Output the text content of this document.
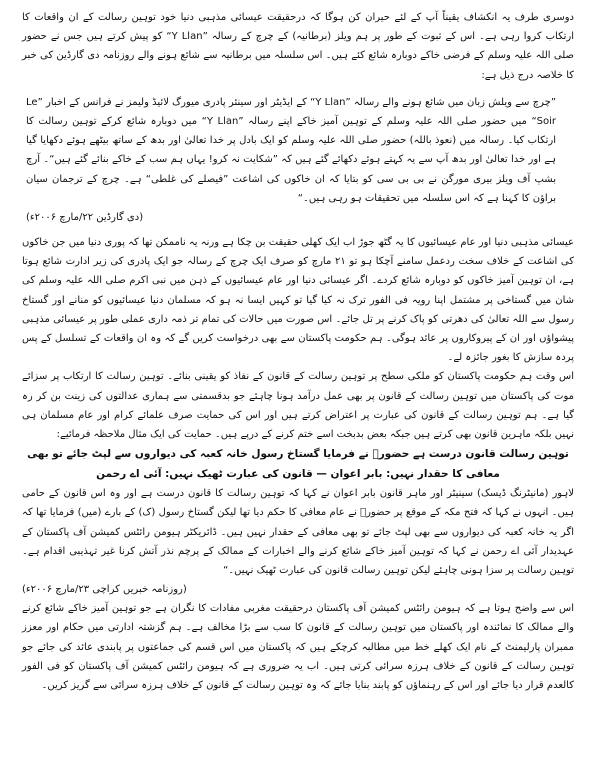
دوسری طرف یہ انکشاف یقیناً آپ کے لئے حیران کن ہوگا کہ درحقیقت عیسائی مذہبی دنیا خود توہین رسالت کے ان واقعات کا ارتکاب کروا رہی ہے۔ اس کے ثبوت کے طور پر ہم ویلز (برطانیہ) کے چرچ کے رسالہ ”Y Llan“ کو پیش کرتے ہیں جس نے حضور صلی اللہ علیہ وسلم کے فرضی خاکے دوبارہ شائع کئے ہیں۔ اس سلسلہ میں برطانیہ سے شائع ہونے والے روزنامہ دی گارڈین کی خبر کا خلاصہ درج ذیل ہے:

”چرچ سے ویلش زبان میں شائع ہونے والے رسالہ ”Y Llan“ کے ایڈیٹر اور سینئر پادری میورگ لائیڈ ولیمز نے فرانس کے اخبار ”Le Soir“ میں حضور صلی اللہ علیہ وسلم کے توہین آمیز خاکے اپنے رسالہ ”Y Llan“ میں دوبارہ شائع کرکے توہین رسالت کا ارتکاب کیا۔ رسالہ میں (نعوذ باللہ) حضور صلی اللہ علیہ وسلم کو ایک بادل پر خدا تعالیٰ اور بدھ کے ساتھ بیٹھے ہوئے دکھایا گیا ہے اور خدا تعالیٰ اور بدھ آپ سے یہ کہتے ہوئے دکھائے گئے ہیں کہ ”شکایت نہ کرو! یہاں ہم سب کے خاکے بنائے گئے ہیں“۔ آرچ بشپ آف ویلز بیری مورگن نے بی بی سی کو بتایا کہ ان خاکوں کی اشاعت ”فیصلے کی غلطی“ ہے۔ چرچ کے ترجمان سیان براؤن کا کہنا ہے کہ اس سلسلہ میں تحقیقات ہو رہی ہیں۔“

(دی گارڈین ۲۲/مارچ ۲۰۰۶ء)

عیسائی مذہبی دنیا اور عام عیسائیوں کا یہ گٹھ جوڑ اب ایک کھلی حقیقت بن چکا ہے ورنہ یہ ناممکن تھا کہ پوری دنیا میں جن خاکوں کی اشاعت کے خلاف سخت ردعمل سامنے آچکا ہو تو ۲۱ مارچ کو صرف ایک چرچ کے رسالہ جو ایک پادری کی زیر ادارت شائع ہوتا ہے، ان توہین آمیز خاکوں کو دوبارہ شائع کردے۔ اگر عیسائی دنیا اور عام عیسائیوں کے ذہن میں نبی اکرم صلی اللہ علیہ وسلم کی شان میں گستاخی پر مشتمل اپنا رویہ فی الفور ترک نہ کیا گیا تو کہیں ایسا نہ ہو کہ مسلمان دنیا عیسائیوں کو منانے اور گستاخ رسول سے اللہ تعالیٰ کی دھرتی کو پاک کرنے پر تل جائے۔ اس صورت میں حالات کی تمام تر ذمہ داری عملی طور پر عیسائی مذہبی پیشواؤں اور ان کے پیروکاروں پر عائد ہوگی۔ ہم حکومت پاکستان سے بھی درخواست کریں گے کہ وہ ان واقعات کے تسلسل کے پس پردہ سازش کا بغور جائزہ لے۔

اس وقت ہم حکومت پاکستان کو ملکی سطح پر توہین رسالت کے قانون کے نفاذ کو یقینی بنائے۔ توہین رسالت کا ارتکاب پر سزائے موت کی پاکستان میں توہین رسالت کے قانون پر بھی عمل درآمد ہونا چاہئے جو بدقسمتی سے ہماری عدالتوں کی زینت بن کر رہ گیا ہے۔ ہم توہین رسالت کے قانون کی عبارت پر اعتراض کرتے ہیں اور اس کی حمایت صرف علمائے کرام اور عام مسلمان ہی نہیں بلکہ ماہرین قانون بھی کرتے ہیں جبکہ بعض بدبخت اسے ختم کرنے کے درپے ہیں۔ حمایت کی ایک مثال ملاحظہ فرمائیے:

توہین رسالت قانون درست ہے حضورؐ نے فرمایا گستاخ رسول خانہ کعبہ کی دیواروں سے لپٹ جائے تو بھی معافی کا حقدار نہیں: بابر اعوان — قانون کی عبارت ٹھیک نہیں: آئی اے رحمن

لاہور (مانیٹرنگ ڈیسک) سینیٹر اور ماہر قانون بابر اعوان نے کہا کہ توہین رسالت کا قانون درست ہے اور وہ اس قانون کے حامی ہیں۔ انہوں نے کہا کہ فتح مکہ کے موقع پر حضورؐ نے عام معافی کا حکم دیا تھا لیکن گستاخ رسول (ک) کے بارے (میں) فرمایا تھا کہ اگر یہ خانہ کعبہ کی دیواروں سے بھی لپٹ جائے تو بھی معافی کے حقدار نہیں ہیں۔ ڈائریکٹر ہیومن رائٹس کمیشن آف پاکستان کے عہدیدار آئی اے رحمن نے کہا کہ توہین آمیز خاکے شائع کرنے والے اخبارات کے ممالک کے پرچم نذر آتش کرنا غیر تہذیبی اقدام ہے۔ توہین رسالت پر سزا ہونی چاہئے لیکن توہین رسالت قانون کی عبارت ٹھیک نہیں۔“

(روزنامہ خبریں کراچی ۲۳/مارچ ۲۰۰۶ء)

اس سے واضح ہوتا ہے کہ ہیومن رائٹس کمیشن آف پاکستان درحقیقت مغربی مفادات کا نگران ہے جو توہین آمیز خاکے شائع کرنے والے ممالک کا نمائندہ اور پاکستان میں توہین رسالت کے قانون کا سب سے بڑا مخالف ہے۔ ہم گزشتہ ادارتی میں حکام اور معزز ممبران پارلیمنٹ کے نام ایک کھلے خط میں مطالبہ کرچکے ہیں کہ پاکستان میں اس قسم کی جماعتوں پر پابندی عائد کی جائے جو توہین رسالت کے قانون کے خلاف ہرزہ سرائی کرتی ہیں۔ اب یہ ضروری ہے کہ ہیومن رائٹس کمیشن آف پاکستان کو فی الفور کالعدم قرار دیا جائے اور اس کے رہنماؤں کو پابند بنایا جائے کہ وہ توہین رسالت کے قانون کے خلاف ہرزہ سرائی سے گریز کریں۔
